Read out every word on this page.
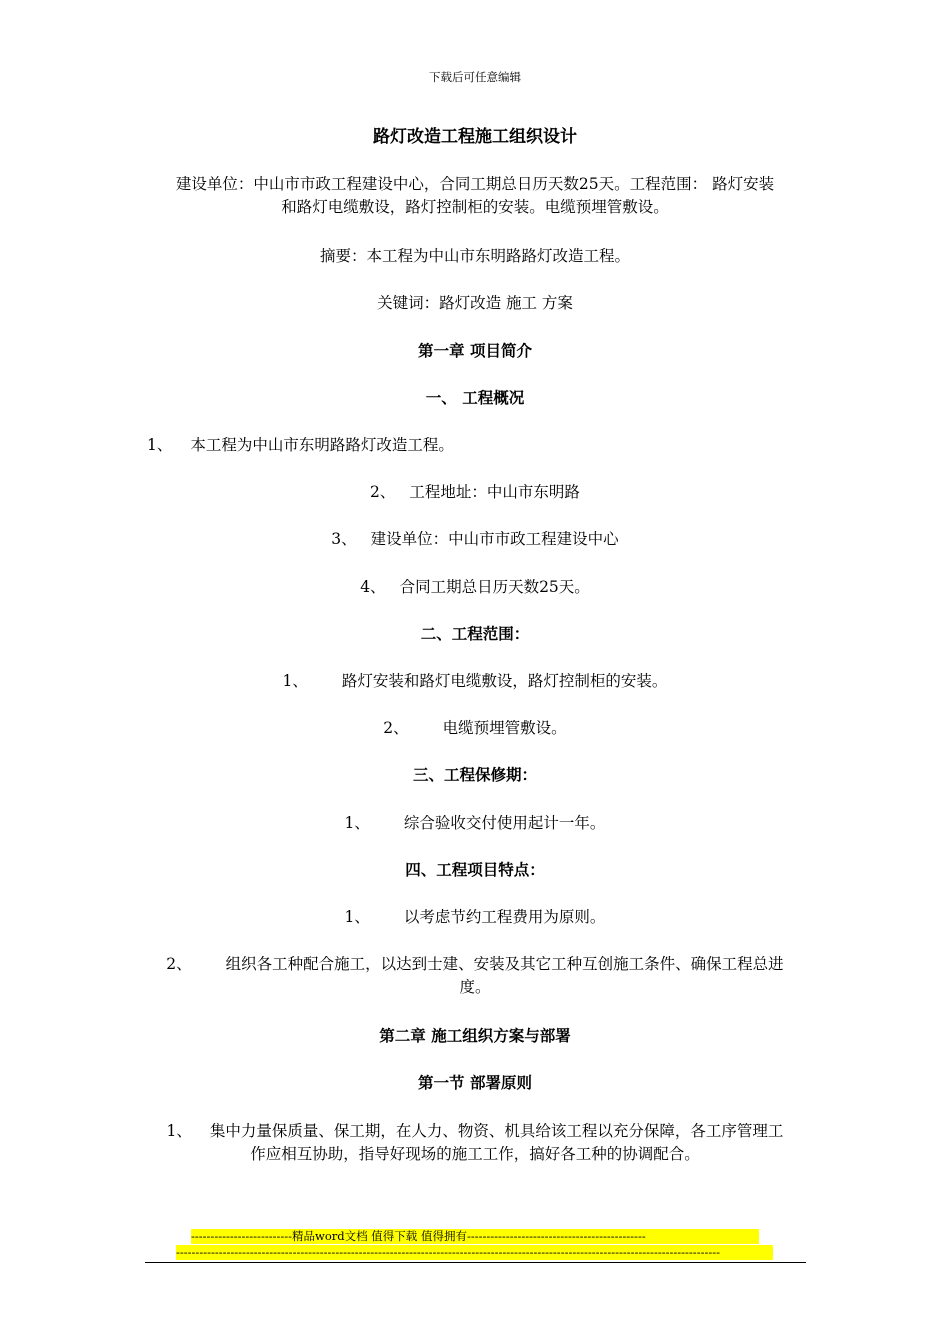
下载后可任意编辑
路灯改造工程施工组织设计
建设单位：中山市市政工程建设中心，合同工期总日历天数25天。工程范围： 路灯安装
和路灯电缆敷设，路灯控制柜的安装。电缆预埋管敷设。
摘要：本工程为中山市东明路路灯改造工程。
关键词：路灯改造 施工 方案
第一章 项目简介
一、 工程概况
1、 本工程为中山市东明路路灯改造工程。
2、 工程地址：中山市东明路
3、 建设单位：中山市市政工程建设中心
4、 合同工期总日历天数25天。
二、工程范围：
1、 路灯安装和路灯电缆敷设，路灯控制柜的安装。
2、 电缆预埋管敷设。
三、工程保修期：
1、 综合验收交付使用起计一年。
四、工程项目特点：
1、 以考虑节约工程费用为原则。
2、 组织各工种配合施工，以达到士建、安装及其它工种互创施工条件、确保工程总进
度。
第二章 施工组织方案与部署
第一节 部署原则
1、 集中力量保质量、保工期，在人力、物资、机具给该工程以充分保障，各工序管理工
作应相互协助，指导好现场的施工工作，搞好各工种的协调配合。
--------------------------精品word文档 值得下载 值得拥有----------------------------------------------
--------------------------------------------------------------------------------------------------------------------------------------------
